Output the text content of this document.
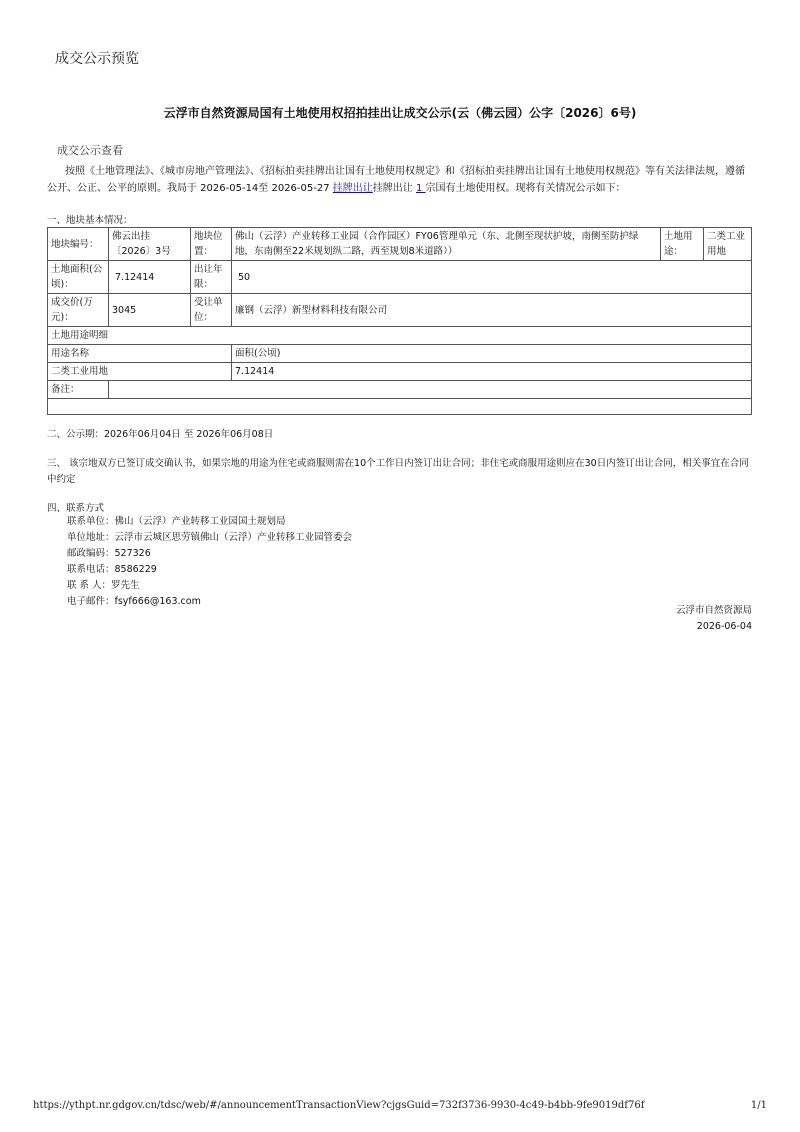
成交公示预览
云浮市自然资源局国有土地使用权招拍挂出让成交公示(云（佛云园）公字〔2026〕6号)
成交公示查看
按照《土地管理法》、《城市房地产管理法》、《招标拍卖挂牌出让国有土地使用权规定》和《招标拍卖挂牌出让国有土地使用权规范》等有关法律法规，遵循公开、公正、公平的原则。我局于 2026-05-14至 2026-05-27 挂牌出让挂牌出让 1 宗国有土地使用权。现将有关情况公示如下：
一、地块基本情况：
地块编号：	佛云出挂〔2026〕3号	地块位置：	佛山（云浮）产业转移工业园（合作园区）FY06管理单元（东、北侧至现状护坡，南侧至防护绿地，东南侧至22米规划纵二路，西至规划8米道路））	土地用途：	二类工业用地
土地面积(公顷)：	7.12414	出让年限：	50		
成交价(万元)：	3045	受让单位：	廉钢（云浮）新型材料科技有限公司		
土地用途明细					
用途名称			面积(公顷)		
二类工业用地			7.12414		
备注：					

二、公示期：2026年06月04日 至 2026年06月08日
三、 该宗地双方已签订成交确认书，如果宗地的用途为住宅或商服则需在10个工作日内签订出让合同；非住宅或商服用途则应在30日内签订出让合同，相关事宜在合同中约定
四、联系方式
联系单位：佛山（云浮）产业转移工业园国土规划局
单位地址：云浮市云城区思劳镇佛山（云浮）产业转移工业园管委会
邮政编码：527326
联系电话：8586229
联 系 人：罗先生
电子邮件：fsyf666@163.com
云浮市自然资源局
2026-06-04
https://ythpt.nr.gdgov.cn/tdsc/web/#/announcementTransactionView?cjgsGuid=732f3736-9930-4c49-b4bb-9fe9019df76f	1/1
